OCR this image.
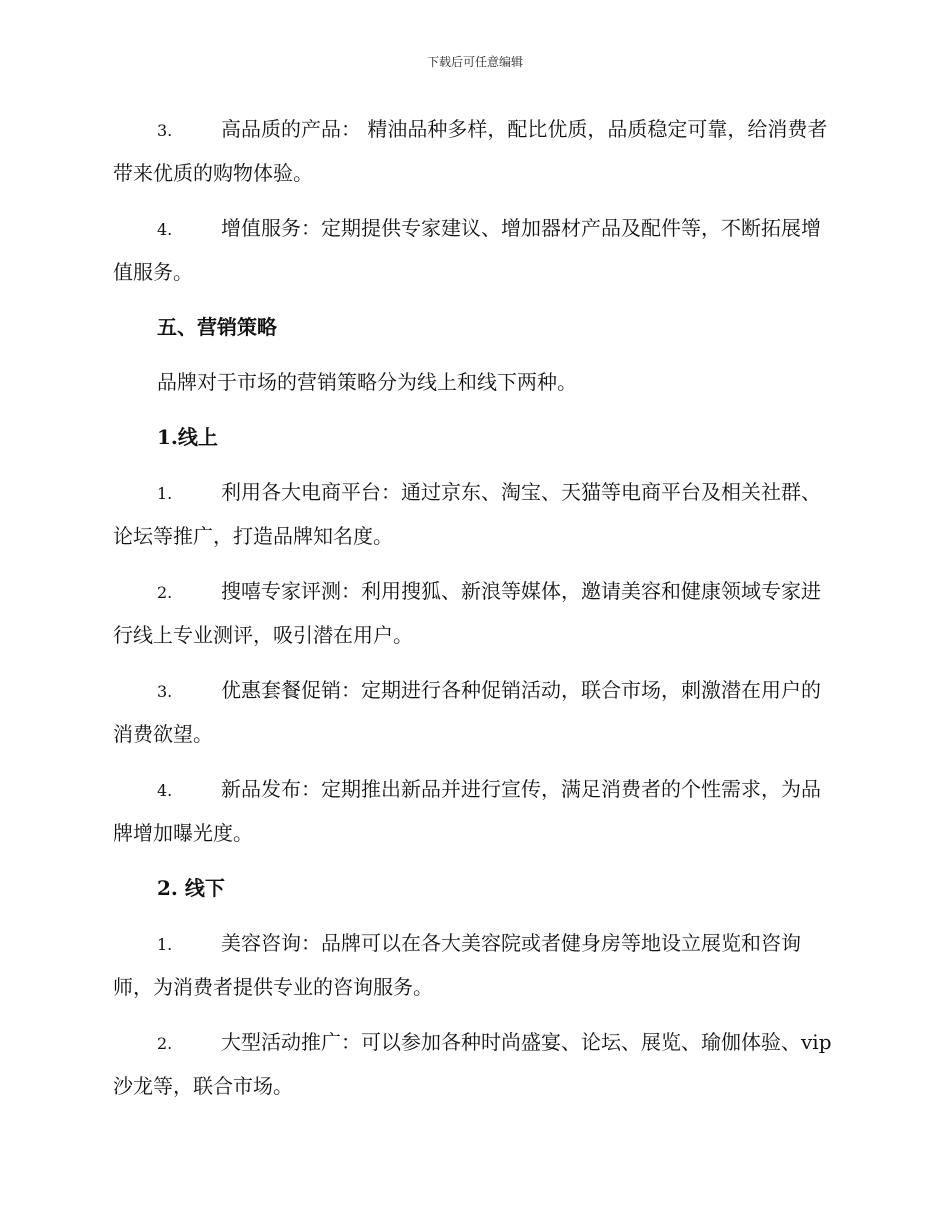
下载后可任意编辑

3. 高品质的产品： 精油品种多样，配比优质，品质稳定可靠，给消费者带来优质的购物体验。

4. 增值服务：定期提供专家建议、增加器材产品及配件等，不断拓展增值服务。

五、营销策略

品牌对于市场的营销策略分为线上和线下两种。

1.线上

1. 利用各大电商平台：通过京东、淘宝、天猫等电商平台及相关社群、论坛等推广，打造品牌知名度。

2. 搜嘻专家评测：利用搜狐、新浪等媒体，邀请美容和健康领域专家进行线上专业测评，吸引潜在用户。

3. 优惠套餐促销：定期进行各种促销活动，联合市场，刺激潜在用户的消费欲望。

4. 新品发布：定期推出新品并进行宣传，满足消费者的个性需求，为品牌增加曝光度。

2. 线下

1. 美容咨询：品牌可以在各大美容院或者健身房等地设立展览和咨询师，为消费者提供专业的咨询服务。

2. 大型活动推广：可以参加各种时尚盛宴、论坛、展览、瑜伽体验、vip 沙龙等，联合市场。
